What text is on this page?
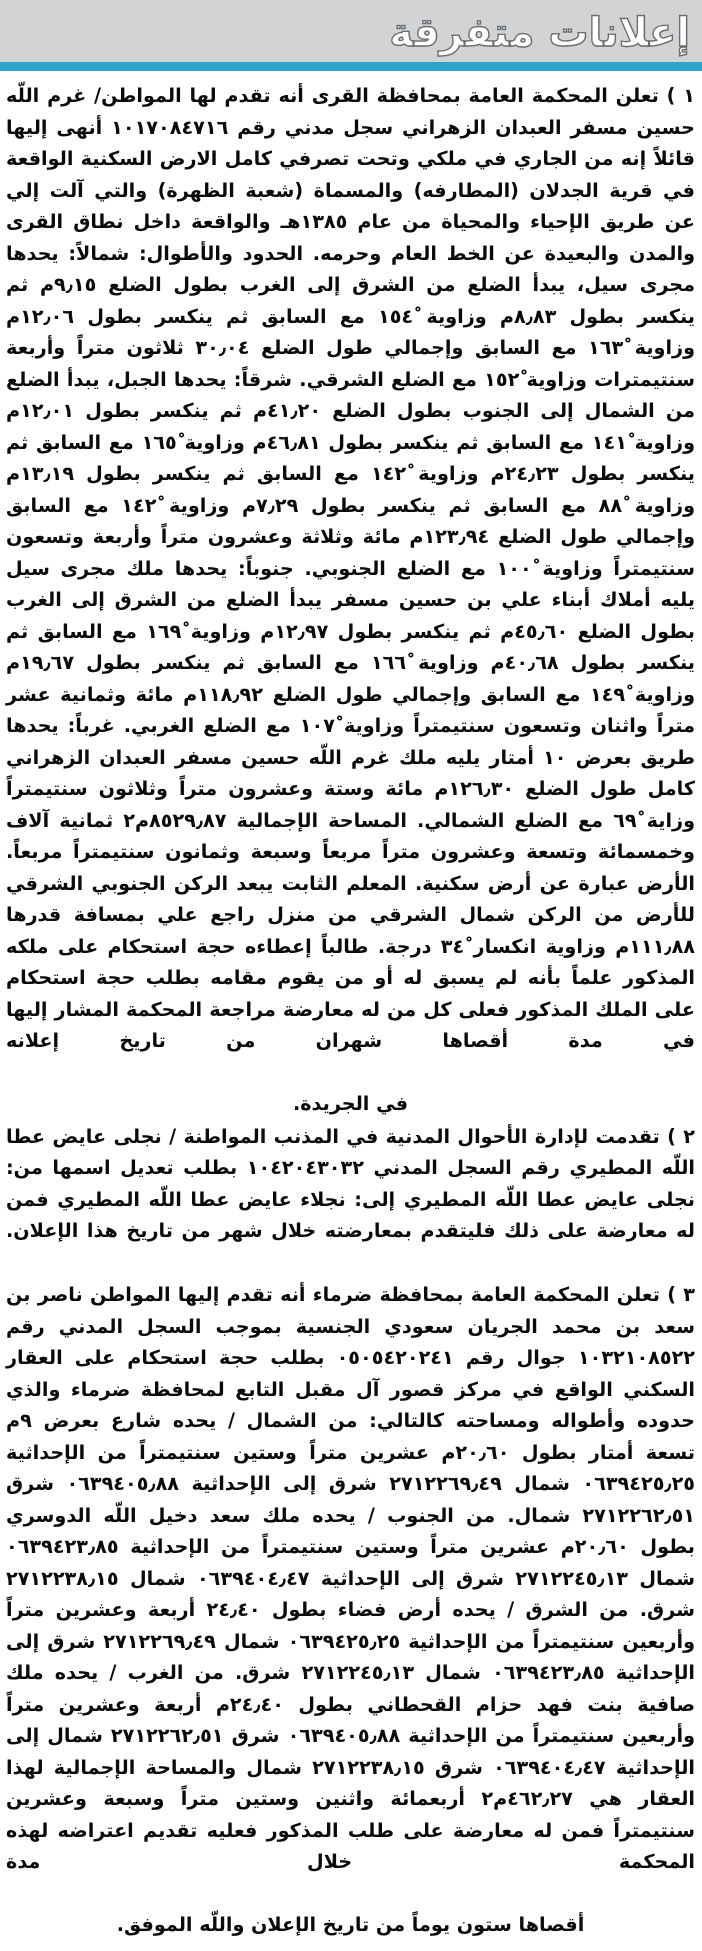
إعلانات متفرقة

١ ) تعلن المحكمة العامة بمحافظة القرى أنه تقدم لها المواطن/ غرم اللّه حسين مسفر العبدان الزهراني سجل مدني رقم ١٠١٧٠٨٤٧١٦ أنهى إليها قائلاً إنه من الجاري في ملكي وتحت تصرفي كامل الارض السكنية الواقعة في قرية الجدلان (المطارفه) والمسماة (شعبة الظهرة) والتي آلت إلي عن طريق الإحياء والمحياة من عام ١٣٨٥هـ والواقعة داخل نطاق القرى والمدن والبعيدة عن الخط العام وحرمه. الحدود والأطوال: شمالاً: يحدها مجرى سيل، يبدأ الضلع من الشرق إلى الغرب بطول الضلع ٩٫١٥م ثم ينكسر بطول ٨٫٨٣م وزاوية ١٥٤ْ مع السابق ثم ينكسر بطول ١٢٫٠٦م وزاوية ١٦٣ْ مع السابق وإجمالي طول الضلع ٣٠٫٠٤ ثلاثون متراً وأربعة سنتيمترات وزاوية ١٥٢ْ مع الضلع الشرقي. شرقاً: يحدها الجبل، يبدأ الضلع من الشمال إلى الجنوب بطول الضلع ٤١٫٢٠م ثم ينكسر بطول ١٢٫٠١م وزاوية ١٤١ْ مع السابق ثم ينكسر بطول ٤٦٫٨١م وزاوية ١٦٥ْ مع السابق ثم ينكسر بطول ٢٤٫٢٣م وزاوية ١٤٢ْ مع السابق ثم ينكسر بطول ١٣٫١٩م وزاوية ٨٨ْ مع السابق ثم ينكسر بطول ٧٫٢٩م وزاوية ١٤٢ْ مع السابق وإجمالي طول الضلع ١٢٣٫٩٤م مائة وثلاثة وعشرون متراً وأربعة وتسعون سنتيمتراً وزاوية ١٠٠ْ مع الضلع الجنوبي. جنوباً: يحدها ملك مجرى سيل يليه أملاك أبناء علي بن حسين مسفر يبدأ الضلع من الشرق إلى الغرب بطول الضلع ٤٥٫٦٠م ثم ينكسر بطول ١٢٫٩٧م وزاوية ١٦٩ْ مع السابق ثم ينكسر بطول ٤٠٫٦٨م وزاوية ١٦٦ْ مع السابق ثم ينكسر بطول ١٩٫٦٧م وزاوية ١٤٩ْ مع السابق وإجمالي طول الضلع ١١٨٫٩٢م مائة وثمانية عشر متراً واثنان وتسعون سنتيمتراً وزاوية ١٠٧ْ مع الضلع الغربي. غرباً: يحدها طريق بعرض ١٠ أمتار يليه ملك غرم اللّه حسين مسفر العبدان الزهراني كامل طول الضلع ١٢٦٫٣٠م مائة وستة وعشرون متراً وثلاثون سنتيمتراً وزاية ٦٩ْ مع الضلع الشمالي. المساحة الإجمالية ٨٥٢٩٫٨٧م٢ ثمانية آلاف وخمسمائة وتسعة وعشرون متراً مربعاً وسبعة وثمانون سنتيمتراً مربعاً. الأرض عبارة عن أرض سكنية. المعلم الثابت يبعد الركن الجنوبي الشرقي للأرض من الركن شمال الشرقي من منزل راجع علي بمسافة قدرها ١١١٫٨٨م وزاوية انكسار ٣٤ْ درجة. طالباً إعطاءه حجة استحكام على ملكه المذكور علماً بأنه لم يسبق له أو من يقوم مقامه بطلب حجة استحكام على الملك المذكور فعلى كل من له معارضة مراجعة المحكمة المشار إليها في مدة أقصاها شهران من تاريخ إعلانه

في الجريدة.

٢ ) تقدمت لإدارة الأحوال المدنية في المذنب المواطنة / نجلى عايض عطا اللّه المطيري رقم السجل المدني ١٠٤٢٠٤٣٠٣٢ بطلب تعديل اسمها من: نجلى عايض عطا اللّه المطيري إلى: نجلاء عايض عطا اللّه المطيري فمن له معارضة على ذلك فليتقدم بمعارضته خلال شهر من تاريخ هذا الإعلان.

٣ ) تعلن المحكمة العامة بمحافظة ضرماء أنه تقدم إليها المواطن ناصر بن سعد بن محمد الجريان سعودي الجنسية بموجب السجل المدني رقم ١٠٣٢١٠٨٥٢٢ جوال رقم ٠٥٠٥٤٢٠٢٤١ بطلب حجة استحكام على العقار السكني الواقع في مركز قصور آل مقبل التابع لمحافظة ضرماء والذي حدوده وأطواله ومساحته كالتالي: من الشمال / يحده شارع بعرض ٩م تسعة أمتار بطول ٢٠٫٦٠م عشرين متراً وستين سنتيمتراً من الإحداثية ٠٦٣٩٤٢٥٫٢٥ شمال ٢٧١٢٢٦٩٫٤٩ شرق إلى الإحداثية ٠٦٣٩٤٠٥٫٨٨ شرق ٢٧١٢٢٦٢٫٥١ شمال. من الجنوب / يحده ملك سعد دخيل اللّه الدوسري بطول ٢٠٫٦٠م عشرين متراً وستين سنتيمتراً من الإحداثية ٠٦٣٩٤٢٣٫٨٥ شمال ٢٧١٢٢٤٥٫١٣ شرق إلى الإحداثية ٠٦٣٩٤٠٤٫٤٧ شمال ٢٧١٢٢٣٨٫١٥ شرق. من الشرق / يحده أرض فضاء بطول ٢٤٫٤٠ أربعة وعشرين متراً وأربعين سنتيمتراً من الإحداثية ٠٦٣٩٤٢٥٫٢٥ شمال ٢٧١٢٢٦٩٫٤٩ شرق إلى الإحداثية ٠٦٣٩٤٢٣٫٨٥ شمال ٢٧١٢٢٤٥٫١٣ شرق. من الغرب / يحده ملك صافية بنت فهد حزام القحطاني بطول ٢٤٫٤٠م أربعة وعشرين متراً وأربعين سنتيمتراً من الإحداثية ٠٦٣٩٤٠٥٫٨٨ شرق ٢٧١٢٢٦٢٫٥١ شمال إلى الإحداثية ٠٦٣٩٤٠٤٫٤٧ شرق ٢٧١٢٢٣٨٫١٥ شمال والمساحة الإجمالية لهذا العقار هي ٤٦٢٫٢٧م٢ أربعمائة واثنين وستين متراً وسبعة وعشرين سنتيمتراً فمن له معارضة على طلب المذكور فعليه تقديم اعتراضه لهذه المحكمة خلال مدة

أقصاها ستون يوماً من تاريخ الإعلان واللّه الموفق.
